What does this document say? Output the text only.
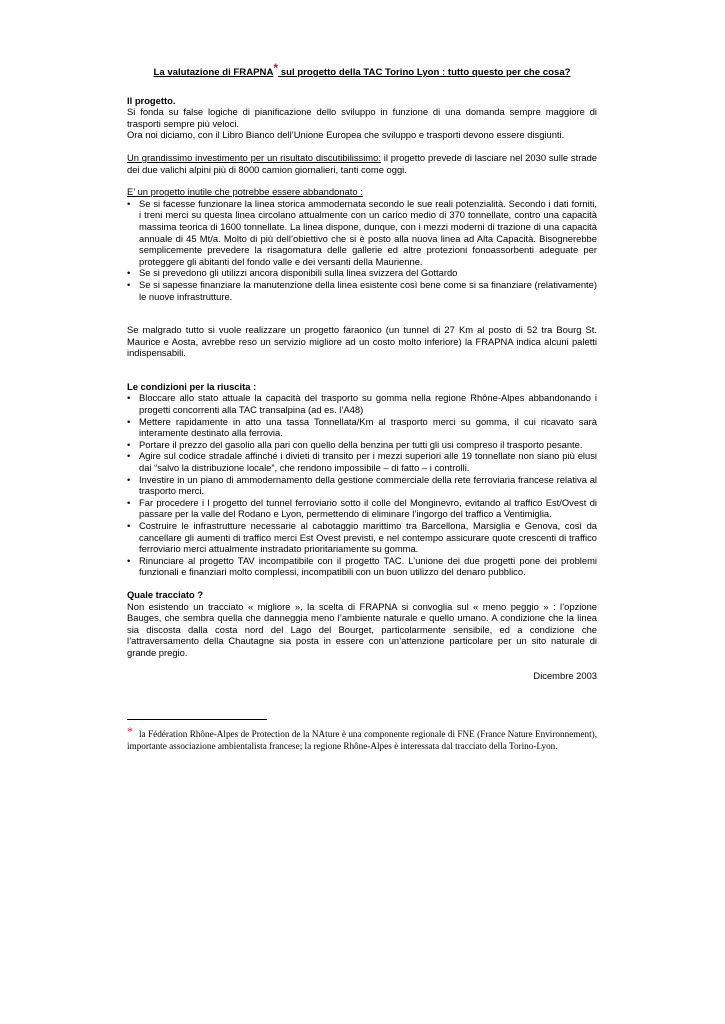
La valutazione di FRAPNA* sul progetto della TAC Torino Lyon : tutto questo per che cosa?

Il progetto.

Si fonda su false logiche di pianificazione dello sviluppo in funzione di una domanda sempre maggiore di trasporti sempre più veloci.

Ora noi diciamo, con il Libro Bianco dell’Unione Europea che sviluppo e trasporti devono essere disgiunti.

Un grandissimo investimento per un risultato discutibilissimo: il progetto prevede di lasciare nel 2030 sulle strade dei due valichi alpini più di 8000 camion giornalieri, tanti come oggi.

E’ un progetto inutile che potrebbe essere abbandonato :

• Se si facesse funzionare la linea storica ammodernata secondo le sue reali potenzialità. Secondo i dati forniti, i treni merci su questa linea circolano attualmente con un carico medio di 370 tonnellate, contro una capacità massima teorica di 1600 tonnellate. La linea dispone, dunque, con i mezzi moderni di trazione di una capacità annuale di 45 Mt/a. Molto di più dell’obiettivo che si è posto alla nuova linea ad Alta Capacità. Bisognerebbe semplicemente prevedere la risagomatura delle gallerie ed altre protezioni fonoassorbenti adeguate per proteggere gli abitanti del fondo valle e dei versanti della Maurienne.
• Se si prevedono gli utilizzi ancora disponibili sulla linea svizzera del Gottardo
• Se si sapesse finanziare la manutenzione della linea esistente così bene come si sa finanziare (relativamente) le nuove infrastrutture.

Se malgrado tutto si vuole realizzare un progetto faraonico (un tunnel di 27 Km al posto di 52 tra Bourg St. Maurice e Aosta, avrebbe reso un servizio migliore ad un costo molto inferiore) la FRAPNA indica alcuni paletti indispensabili.

Le condizioni per la riuscita :

• Bloccare allo stato attuale la capacità del trasporto su gomma nella regione Rhône-Alpes abbandonando i progetti concorrenti alla TAC transalpina (ad es. l’A48)
• Mettere rapidamente in atto una tassa Tonnellata/Km al trasporto merci su gomma, il cui ricavato sarà interamente destinato alla ferrovia.
• Portare il prezzo del gasolio alla pari con quello della benzina per tutti gli usi compreso il trasporto pesante.
• Agire sul codice stradale affinché i divieti di transito per i mezzi superiori alle 19 tonnellate non siano più elusi dai “salvo la distribuzione locale”, che rendono impossibile – di fatto – i controlli.
• Investire in un piano di ammodernamento della gestione commerciale della rete ferroviaria francese relativa al trasporto merci.
• Far procedere i l progetto del tunnel ferroviario sotto il colle del Monginevro, evitando al traffico Est/Ovest di passare per la valle del Rodano e Lyon, permettendo di eliminare l’ingorgo del traffico a Ventimiglia.
• Costruire le infrastrutture necessarie al cabotaggio marittimo tra Barcellona, Marsiglia e Genova, così da cancellare gli aumenti di traffico merci Est Ovest previsti, e nel contempo assicurare quote crescenti di traffico ferroviario merci attualmente instradato prioritariamente su gomma.
• Rinunciare al progetto TAV incompatibile con il progetto TAC. L’unione dei due progetti pone dei problemi funzionali e finanziari molto complessi, incompatibili con un buon utilizzo del denaro pubblico.

Quale tracciato ?

Non esistendo un tracciato « migliore », la scelta di FRAPNA si convoglia sul « meno peggio » : l’opzione Bauges, che sembra quella che danneggia meno l’ambiente naturale e quello umano. A condizione che la linea sia discosta dalla costa nord del Lago del Bourget, particolarmente sensibile, ed a condizione che l’attraversamento della Chautagne sia posta in essere con un’attenzione particolare per un sito naturale di grande pregio.

Dicembre 2003

* la Fédération Rhône-Alpes de Protection de la NAture è una componente regionale di FNE (France Nature Environnement), importante associazione ambientalista francese; la regione Rhône-Alpes è interessata dal tracciato della Torino-Lyon.
